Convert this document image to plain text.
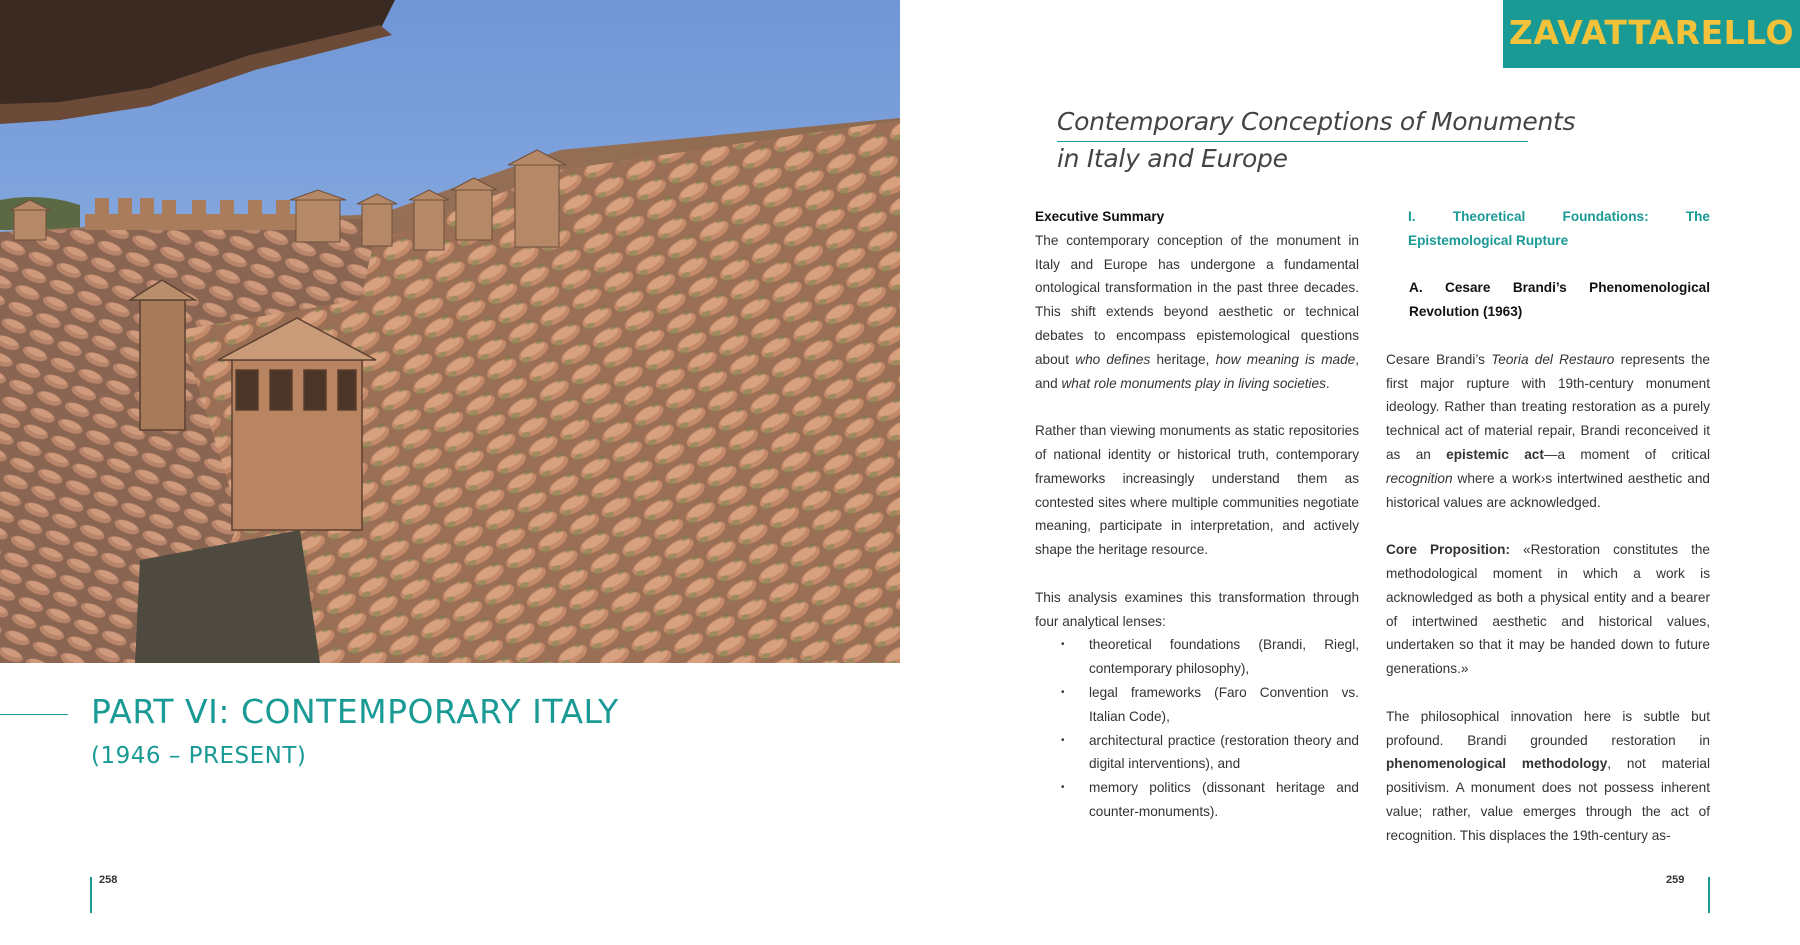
PART VI: CONTEMPORARY ITALY
(1946 – PRESENT)
258
ZAVATTARELLO
Contemporary Conceptions of Monuments
in Italy and Europe
Executive Summary

The contemporary conception of the monument in Italy and Europe has undergone a fundamental ontological transformation in the past three decades. This shift extends beyond aesthetic or technical debates to encompass epistemological questions about who defines heritage, how meaning is made, and what role monuments play in living societies.

Rather than viewing monuments as static repositories of national identity or historical truth, contemporary frameworks increasingly understand them as contested sites where multiple communities negotiate meaning, participate in interpretation, and actively shape the heritage resource.

This analysis examines this transformation through four analytical lenses:

• theoretical foundations (Brandi, Riegl, contemporary philosophy),
• legal frameworks (Faro Convention vs. Italian Code),
• architectural practice (restoration theory and digital interventions), and
• memory politics (dissonant heritage and counter-monuments).

I. Theoretical Foundations: The Epistemological Rupture

A. Cesare Brandi’s Phenomenological Revolution (1963)

Cesare Brandi’s Teoria del Restauro represents the first major rupture with 19th-century monument ideology. Rather than treating restoration as a purely technical act of material repair, Brandi reconceived it as an epistemic act—a moment of critical recognition where a work›s intertwined aesthetic and historical values are acknowledged.

Core Proposition: «Restoration constitutes the methodological moment in which a work is acknowledged as both a physical entity and a bearer of intertwined aesthetic and historical values, undertaken so that it may be handed down to future generations.»

The philosophical innovation here is subtle but profound. Brandi grounded restoration in phenomenological methodology, not material positivism. A monument does not possess inherent value; rather, value emerges through the act of recognition. This displaces the 19th-century as-

259
